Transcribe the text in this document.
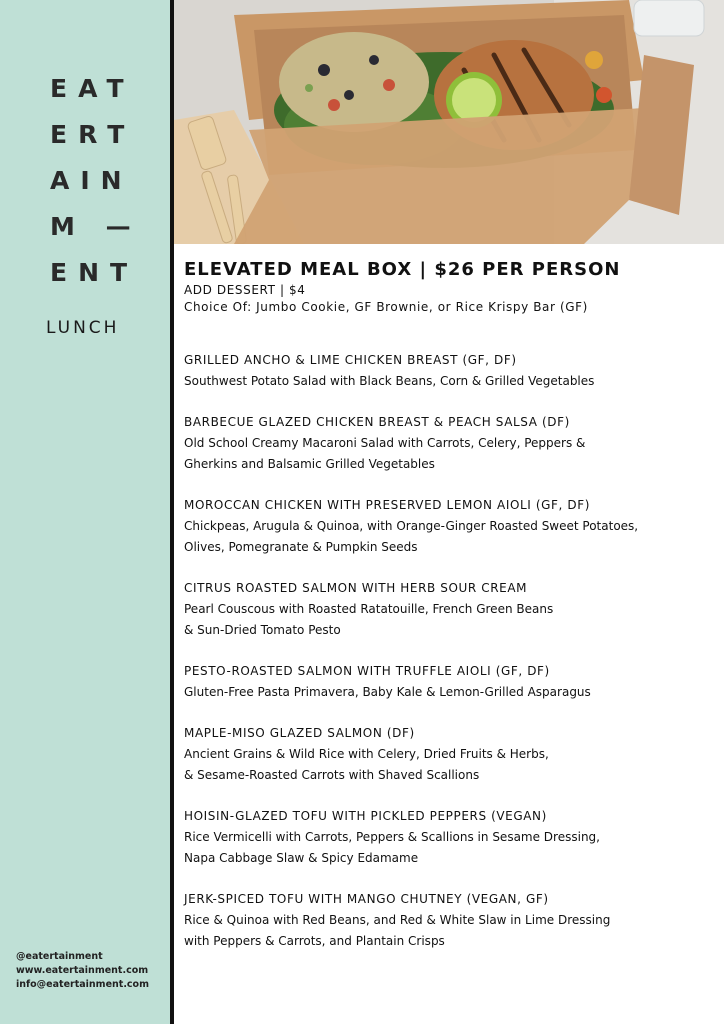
EAT
ERT
AIN
M —
ENT
LUNCH
@eatertainment
www.eatertainment.com
info@eatertainment.com
ELEVATED MEAL BOX | $26 PER PERSON
ADD DESSERT | $4
Choice Of: Jumbo Cookie, GF Brownie, or Rice Krispy Bar (GF)
GRILLED ANCHO & LIME CHICKEN BREAST (GF, DF)
Southwest Potato Salad with Black Beans, Corn & Grilled Vegetables
BARBECUE GLAZED CHICKEN BREAST & PEACH SALSA (DF)
Old School Creamy Macaroni Salad with Carrots, Celery, Peppers &
Gherkins and Balsamic Grilled Vegetables
MOROCCAN CHICKEN WITH PRESERVED LEMON AIOLI (GF, DF)
Chickpeas, Arugula & Quinoa, with Orange-Ginger Roasted Sweet Potatoes,
Olives, Pomegranate & Pumpkin Seeds
CITRUS ROASTED SALMON WITH HERB SOUR CREAM
Pearl Couscous with Roasted Ratatouille, French Green Beans
& Sun-Dried Tomato Pesto
PESTO-ROASTED SALMON WITH TRUFFLE AIOLI (GF, DF)
Gluten-Free Pasta Primavera, Baby Kale & Lemon-Grilled Asparagus
MAPLE-MISO GLAZED SALMON (DF)
Ancient Grains & Wild Rice with Celery, Dried Fruits & Herbs,
& Sesame-Roasted Carrots with Shaved Scallions
HOISIN-GLAZED TOFU WITH PICKLED PEPPERS (VEGAN)
Rice Vermicelli with Carrots, Peppers & Scallions in Sesame Dressing,
Napa Cabbage Slaw & Spicy Edamame
JERK-SPICED TOFU WITH MANGO CHUTNEY (VEGAN, GF)
Rice & Quinoa with Red Beans, and Red & White Slaw in Lime Dressing
with Peppers & Carrots, and Plantain Crisps
